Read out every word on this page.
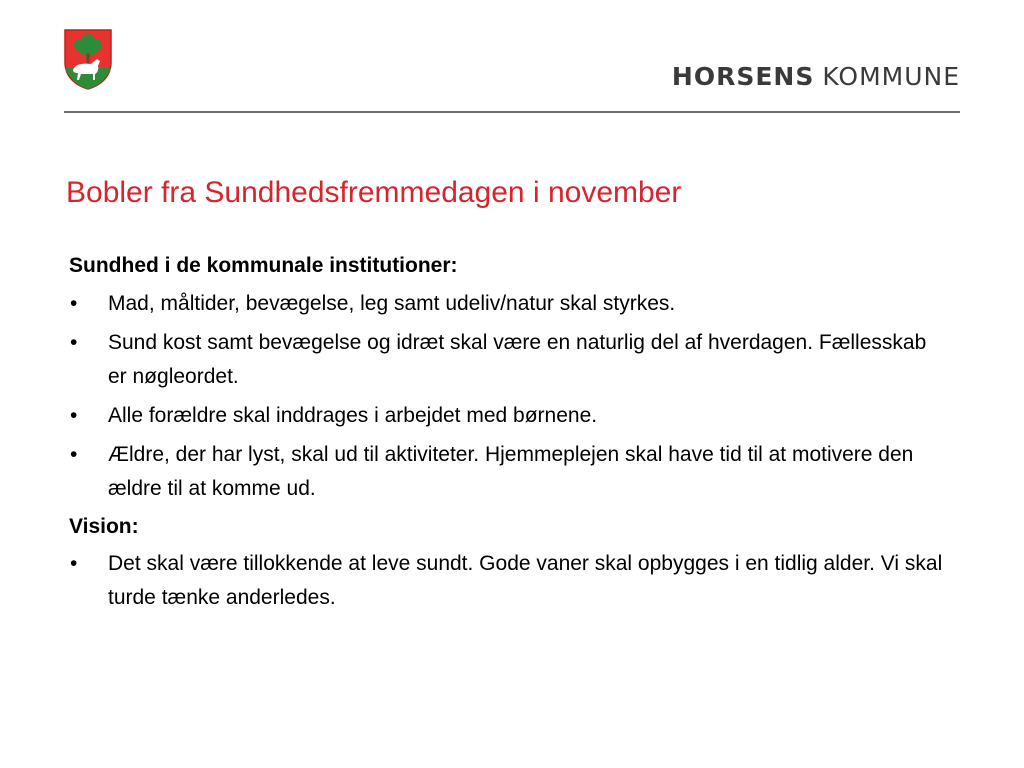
HORSENS KOMMUNE
Bobler fra Sundhedsfremmedagen i november
Sundhed i de kommunale institutioner:
• Mad, måltider, bevægelse, leg samt udeliv/natur skal styrkes.
• Sund kost samt bevægelse og idræt skal være en naturlig del af hverdagen. Fællesskab er nøgleordet.
• Alle forældre skal inddrages i arbejdet med børnene.
• Ældre, der har lyst, skal ud til aktiviteter. Hjemmeplejen skal have tid til at motivere den ældre til at komme ud.
Vision:
• Det skal være tillokkende at leve sundt. Gode vaner skal opbygges i en tidlig alder. Vi skal turde tænke anderledes.
